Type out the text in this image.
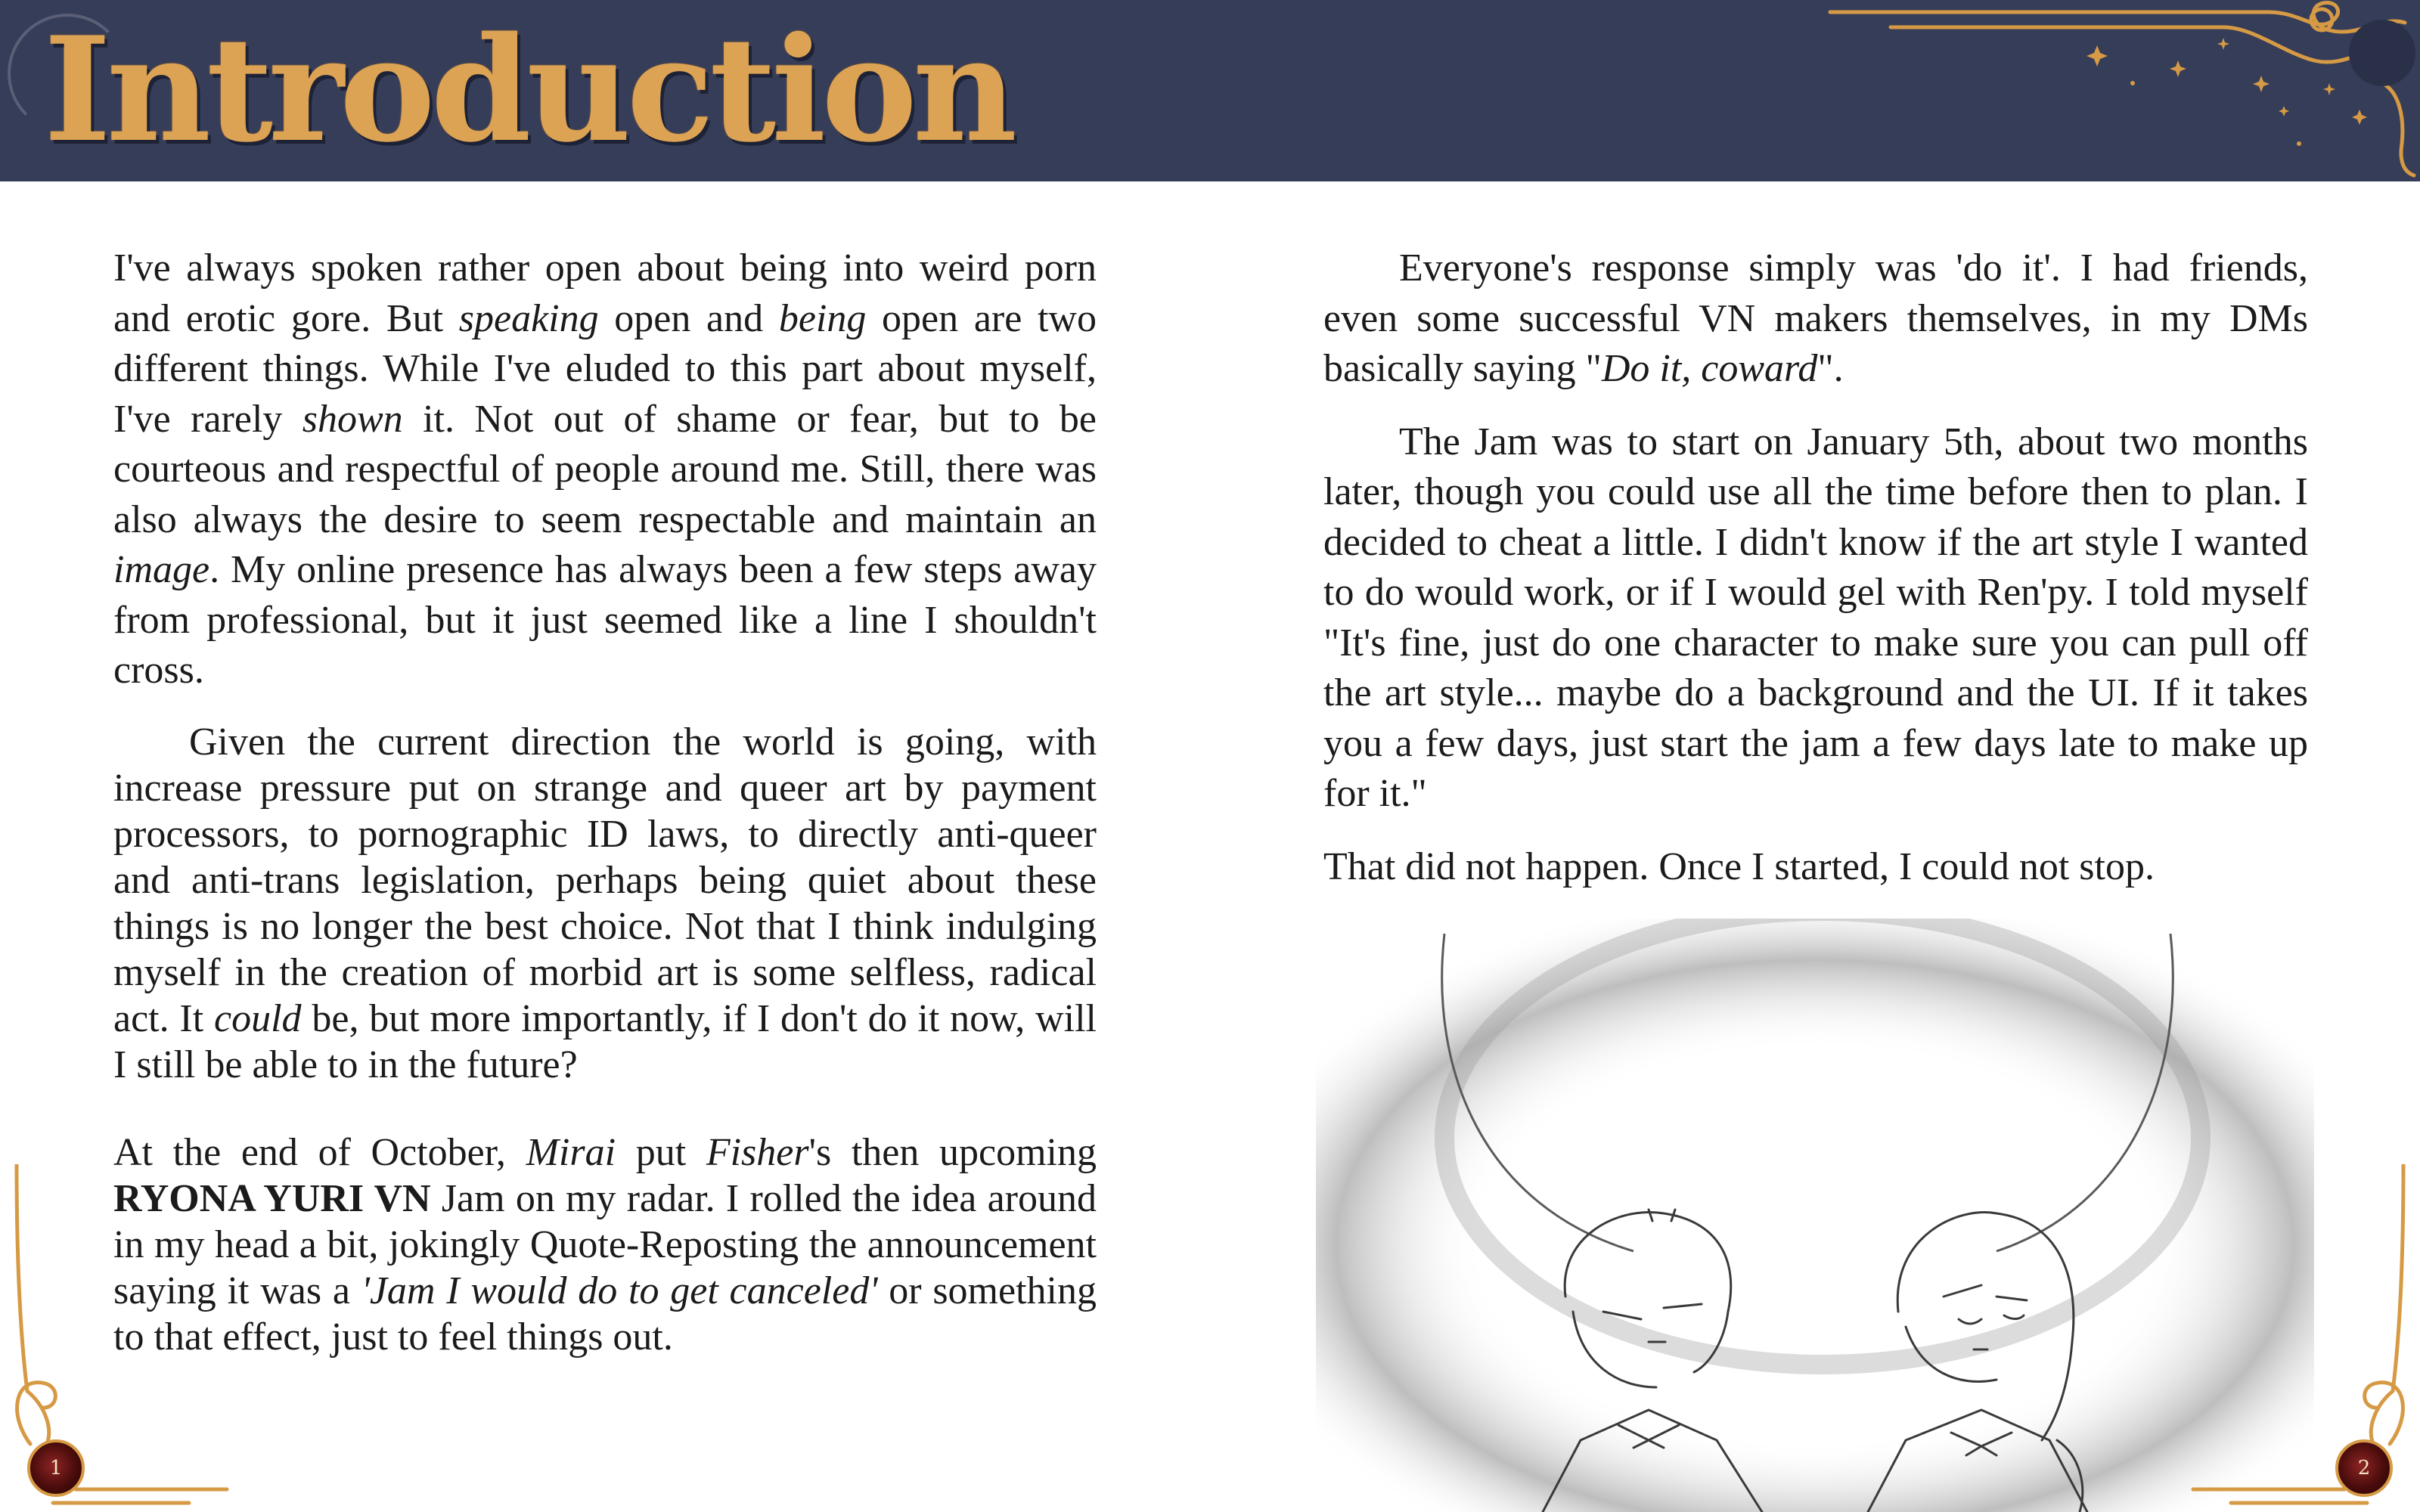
Introduction

I've always spoken rather open about being into weird porn and erotic gore. But speaking open and being open are two different things. While I've eluded to this part about myself, I've rarely shown it. Not out of shame or fear, but to be courteous and respectful of people around me. Still, there was also always the desire to seem respectable and maintain an image. My online presence has always been a few steps away from professional, but it just seemed like a line I shouldn't cross.

Given the current direction the world is going, with increase pressure put on strange and queer art by payment processors, to pornographic ID laws, to directly anti-queer and anti-trans legislation, perhaps being quiet about these things is no longer the best choice. Not that I think indulging myself in the creation of morbid art is some selfless, radical act. It could be, but more importantly, if I don't do it now, will I still be able to in the future?

At the end of October, Mirai put Fisher's then upcoming RYONA YURI VN Jam on my radar. I rolled the idea around in my head a bit, jokingly Quote-Reposting the announcement saying it was a 'Jam I would do to get canceled' or something to that effect, just to feel things out.

Everyone's response simply was 'do it'. I had friends, even some successful VN makers themselves, in my DMs basically saying "Do it, coward".

The Jam was to start on January 5th, about two months later, though you could use all the time before then to plan. I decided to cheat a little. I didn't know if the art style I wanted to do would work, or if I would gel with Ren'py. I told myself "It's fine, just do one character to make sure you can pull off the art style... maybe do a background and the UI. If it takes you a few days, just start the jam a few days late to make up for it."

That did not happen. Once I started, I could not stop.

1	2
